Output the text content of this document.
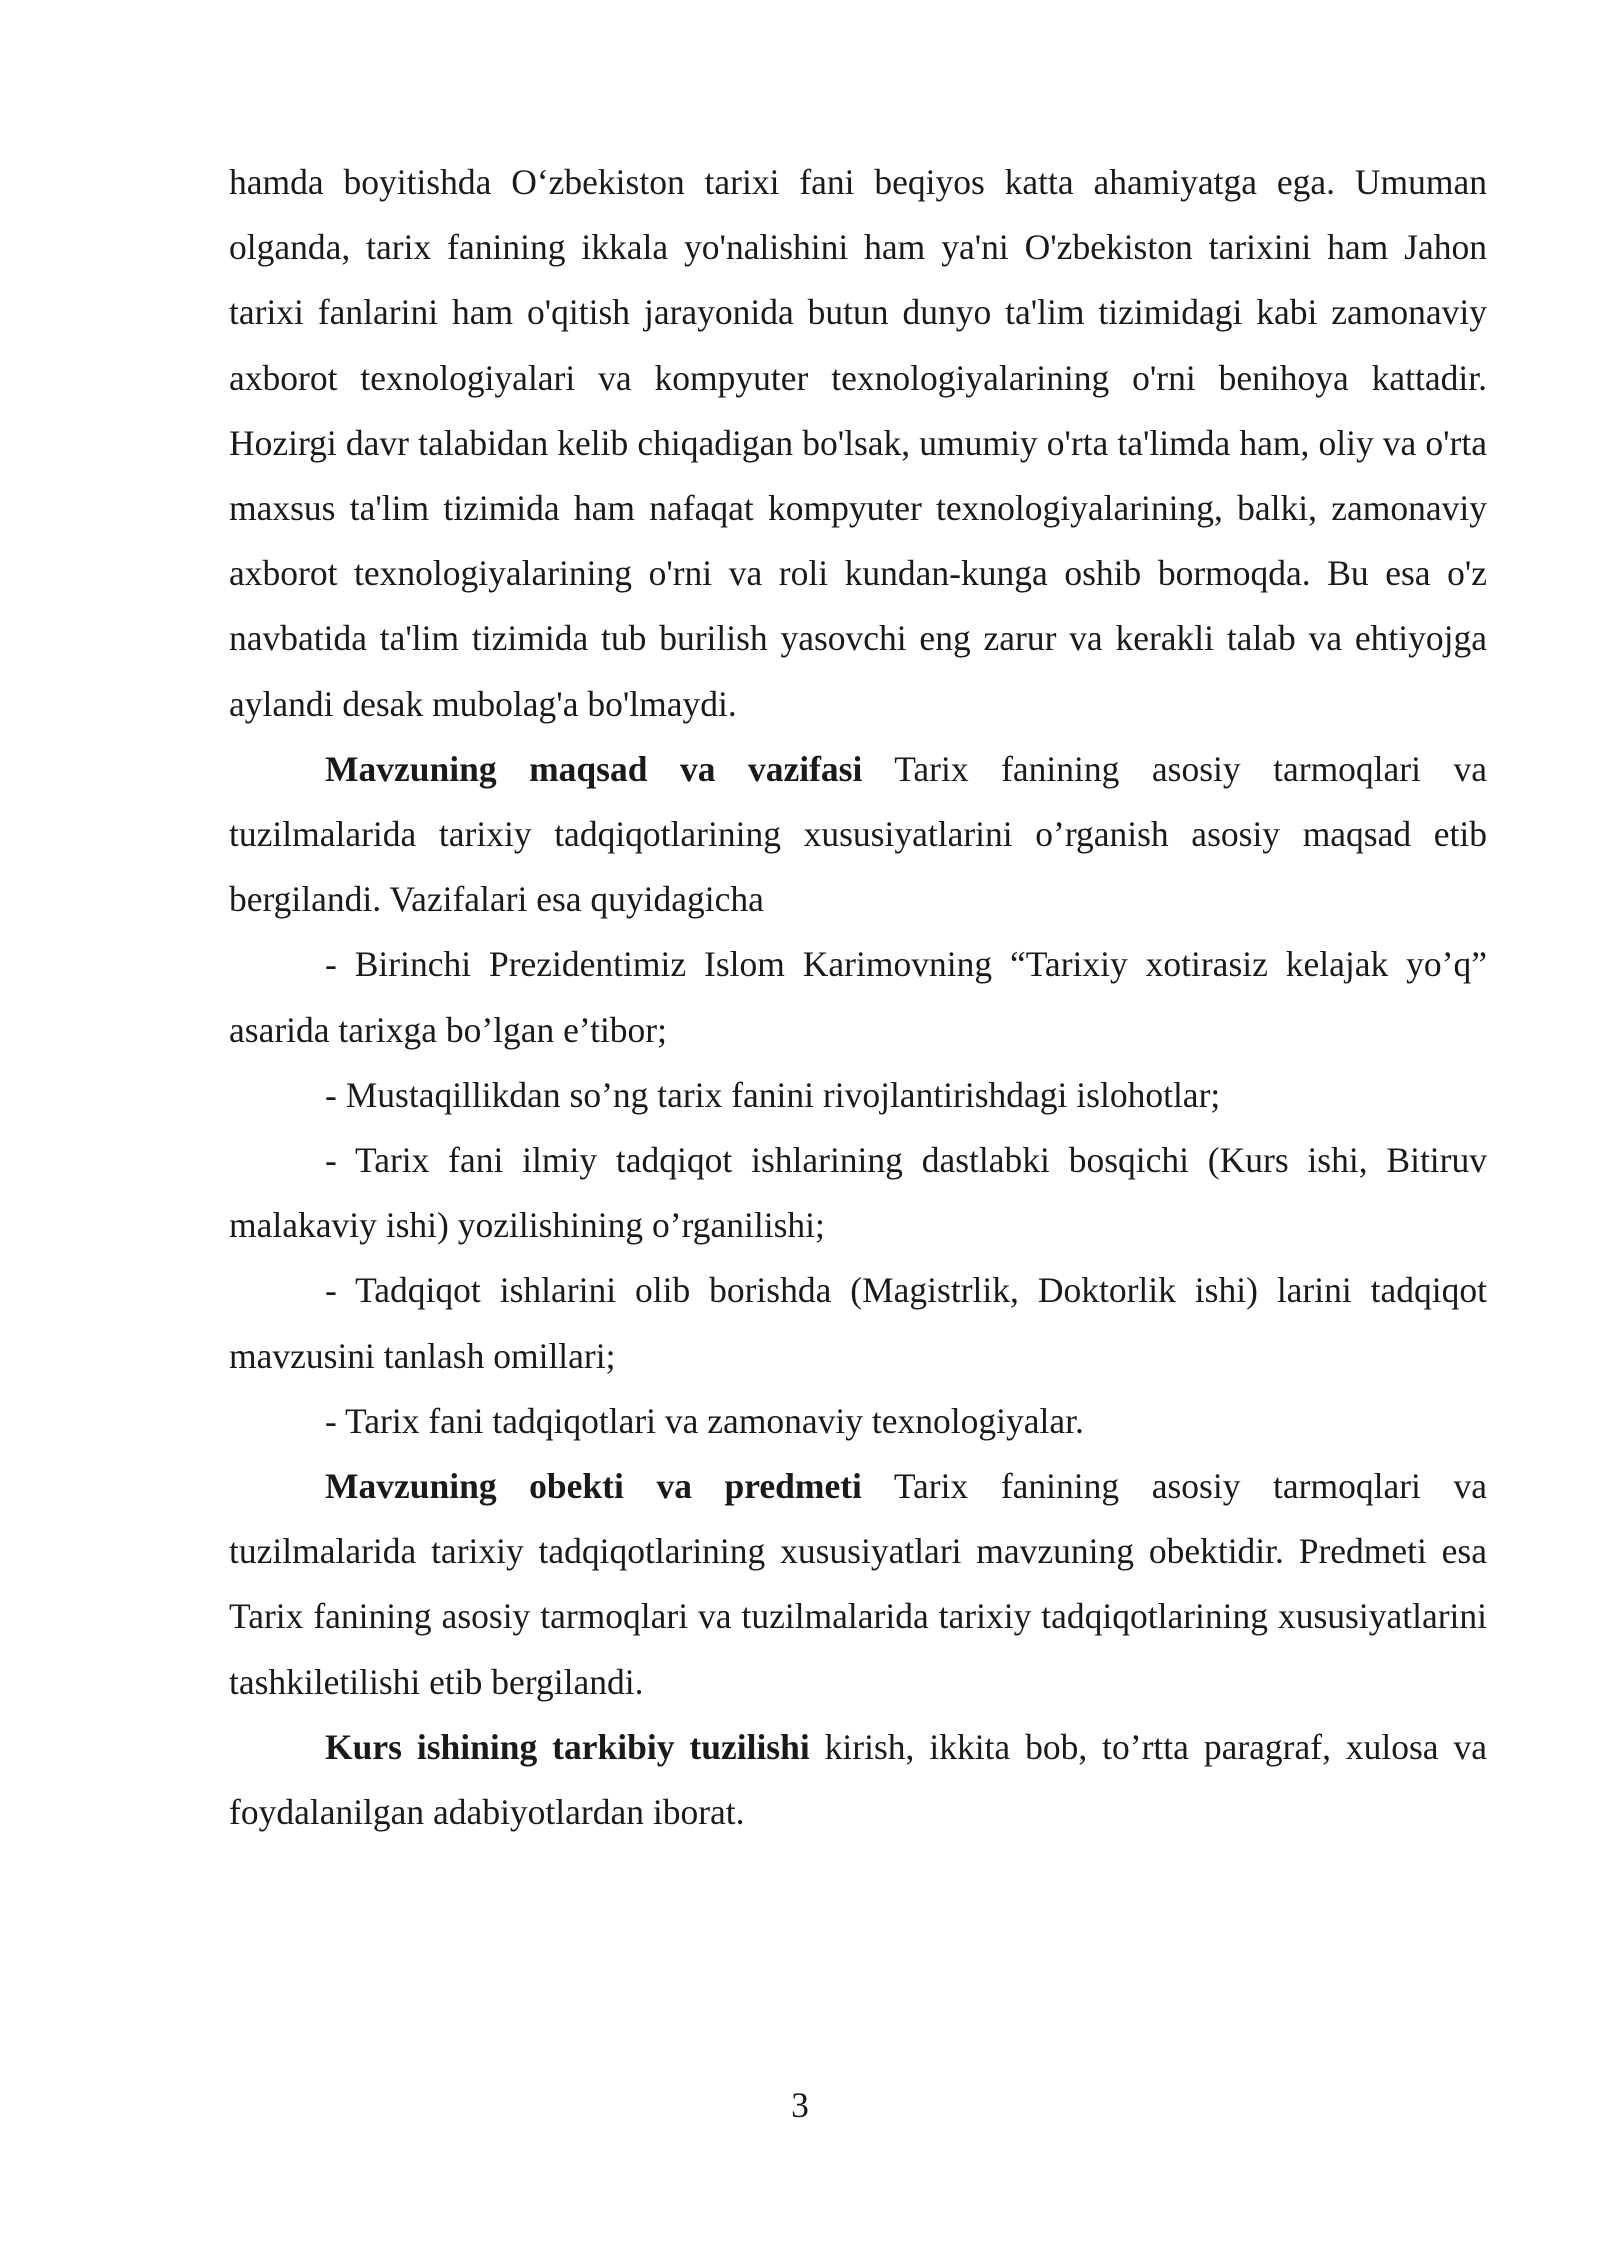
hamda boyitishda O‘zbekiston tarixi fani beqiyos katta ahamiyatga ega. Umuman olganda, tarix fanining ikkala yo'nalishini ham ya'ni O'zbekiston tarixini ham Jahon tarixi fanlarini ham o'qitish jarayonida butun dunyo ta'lim tizimidagi kabi zamonaviy axborot texnologiyalari va kompyuter texnologiyalarining o'rni benihoya kattadir. Hozirgi davr talabidan kelib chiqadigan bo'lsak, umumiy o'rta ta'limda ham, oliy va o'rta maxsus ta'lim tizimida ham nafaqat kompyuter texnologiyalarining, balki, zamonaviy axborot texnologiyalarining o'rni va roli kundan-kunga oshib bormoqda. Bu esa o'z navbatida ta'lim tizimida tub burilish yasovchi eng zarur va kerakli talab va ehtiyojga aylandi desak mubolag'a bo'lmaydi.

Mavzuning maqsad va vazifasi Tarix fanining asosiy tarmoqlari va tuzilmalarida tarixiy tadqiqotlarining xususiyatlarini o’rganish asosiy maqsad etib bergilandi. Vazifalari esa quyidagicha

- Birinchi Prezidentimiz Islom Karimovning “Tarixiy xotirasiz kelajak yo’q” asarida tarixga bo’lgan e’tibor;

- Mustaqillikdan so’ng tarix fanini rivojlantirishdagi islohotlar;

- Tarix fani ilmiy tadqiqot ishlarining dastlabki bosqichi (Kurs ishi, Bitiruv malakaviy ishi) yozilishining o’rganilishi;

- Tadqiqot ishlarini olib borishda (Magistrlik, Doktorlik ishi) larini tadqiqot mavzusini tanlash omillari;

- Tarix fani tadqiqotlari va zamonaviy texnologiyalar.

Mavzuning obekti va predmeti Tarix fanining asosiy tarmoqlari va tuzilmalarida tarixiy tadqiqotlarining xususiyatlari mavzuning obektidir. Predmeti esa Tarix fanining asosiy tarmoqlari va tuzilmalarida tarixiy tadqiqotlarining xususiyatlarini tashkiletilishi etib bergilandi.

Kurs ishining tarkibiy tuzilishi kirish, ikkita bob, to’rtta paragraf, xulosa va foydalanilgan adabiyotlardan iborat.

3
